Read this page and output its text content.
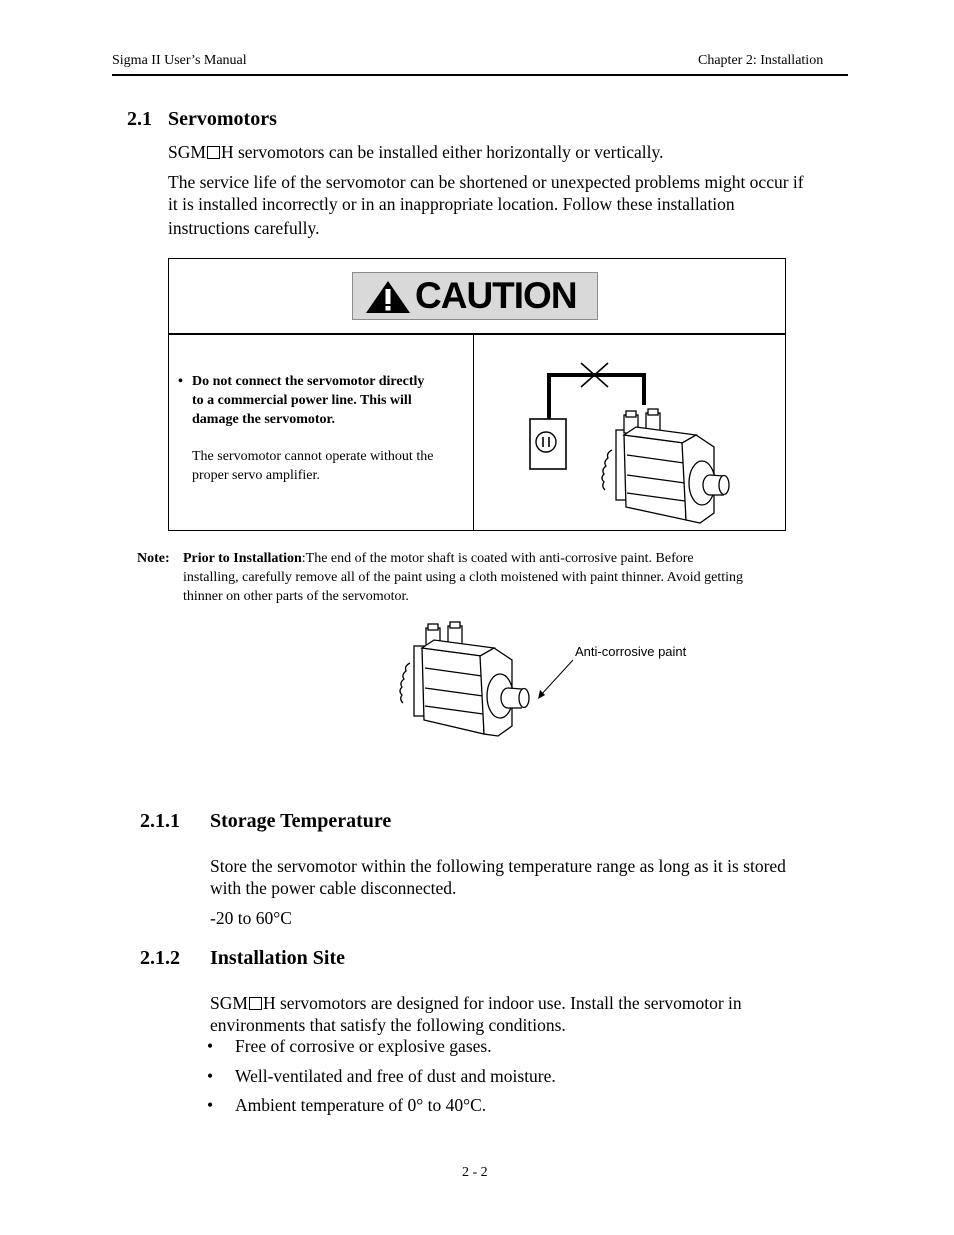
Sigma II User’s Manual	Chapter 2: Installation
2.1 Servomotors
SGM H servomotors can be installed either horizontally or vertically.
The service life of the servomotor can be shortened or unexpected problems might occur if
it is installed incorrectly or in an inappropriate location. Follow these installation
instructions carefully.
CAUTION
• Do not connect the servomotor directly
to a commercial power line. This will
damage the servomotor.
The servomotor cannot operate without the
proper servo amplifier.
Note: Prior to Installation:The end of the motor shaft is coated with anti-corrosive paint. Before
installing, carefully remove all of the paint using a cloth moistened with paint thinner. Avoid getting
thinner on other parts of the servomotor.
Anti-corrosive paint
2.1.1 Storage Temperature
Store the servomotor within the following temperature range as long as it is stored
with the power cable disconnected.
-20 to 60°C
2.1.2 Installation Site
SGM H servomotors are designed for indoor use. Install the servomotor in
environments that satisfy the following conditions.
• Free of corrosive or explosive gases.
• Well-ventilated and free of dust and moisture.
• Ambient temperature of 0° to 40°C.
2 - 2
